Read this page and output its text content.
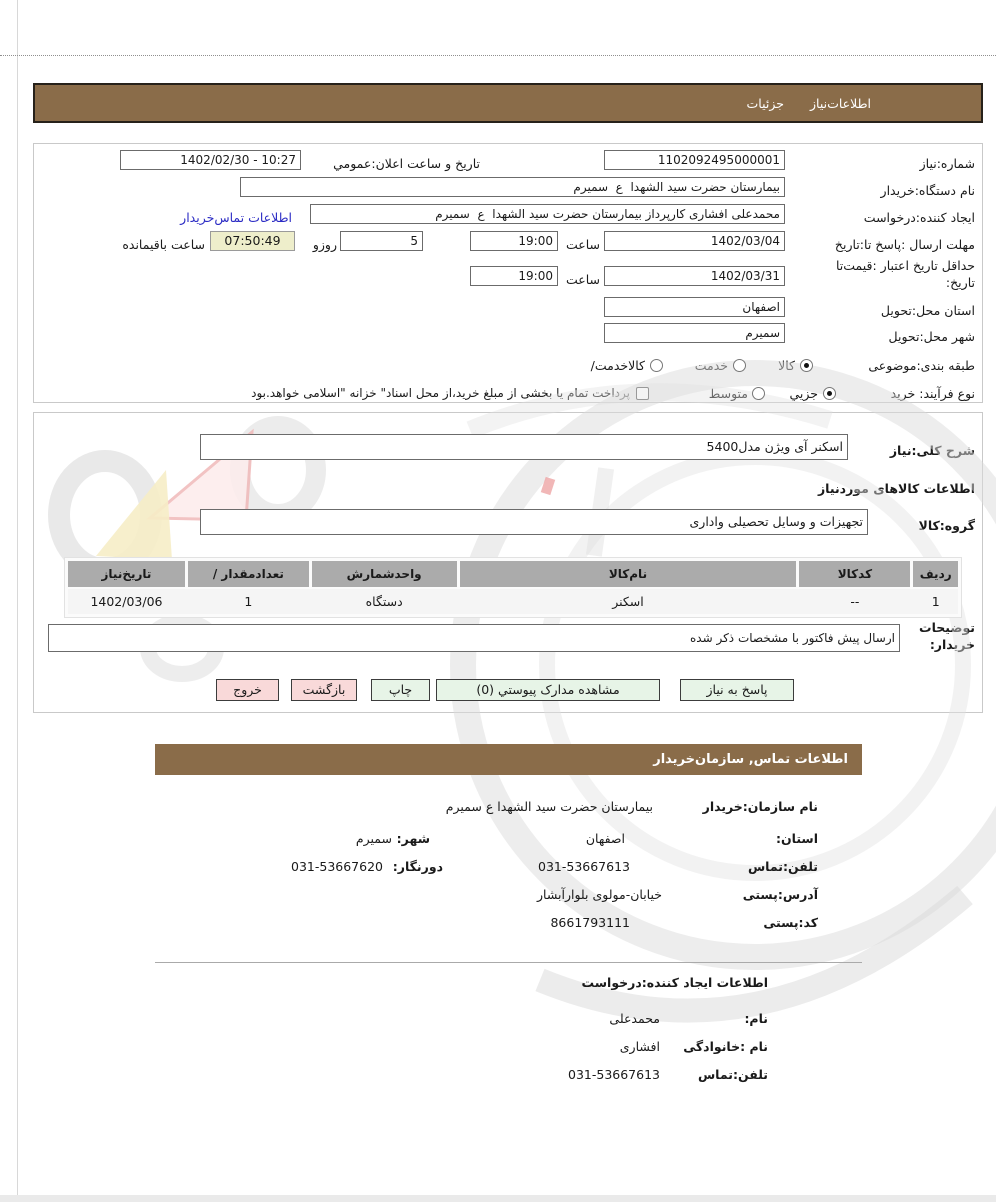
اطلاعات‌نیاز
جزئیات
شماره:نیاز
1102092495000001
تاریخ و ساعت اعلان:عمومي
1402/02/30 - 10:27
نام دستگاه:خریدار
بیمارستان حضرت سید الشهدا  ع  سمیرم
ایجاد کننده:درخواست
محمدعلی افشاری کارپرداز بیمارستان حضرت سید الشهدا  ع  سمیرم
اطلاعات تماس‌خریدار
مهلت ارسال :پاسخ تا:تاریخ
1402/03/04
ساعت
19:00
5
روزو
07:50:49
ساعت باقیمانده
حداقل تاریخ اعتبار :قیمت‌تا
تاریخ:
1402/03/31
ساعت
19:00
استان محل:تحویل
اصفهان
شهر محل:تحویل
سمیرم
طبقه بندی:موضوعی
کالا
خدمت
کالاخدمت/
نوع فرآیند: خرید
جزیي
متوسط
پرداخت تمام یا بخشی از مبلغ خرید،از محل اسناد" خزانه "اسلامی خواهد.بود
شرح کلی:نیاز
اسکنر آی ویژن مدل5400
اطلاعات کالاهای موردنیاز
گروه:کالا
تجهیزات و وسایل تحصیلی واداری
ردیف
کدکالا
نام‌کالا
واحدشمارش
تعدادمقدار /
تاریخ‌نیاز
1
--
اسکنر
دستگاه
1
1402/03/06
توضیحات
خریدار:
ارسال پیش فاکتور با مشخصات ذکر شده
پاسخ به نیاز
مشاهده مدارک پیوستي (0)
چاپ
بازگشت
خروج
اطلاعات تماس, سازمان‌خریدار
نام سازمان:خریدار
بیمارستان حضرت سید الشهدا ع سمیرم
استان:
اصفهان
شهر:
سمیرم
تلفن:تماس
031-53667613
دورنگار:
031-53667620
آدرس:پستی
خیابان-مولوی بلوارآبشار
کد:پستی
8661793111
اطلاعات ایجاد کننده:درخواست
نام:
محمدعلی
نام :خانوادگی
افشاری
تلفن:تماس
031-53667613
